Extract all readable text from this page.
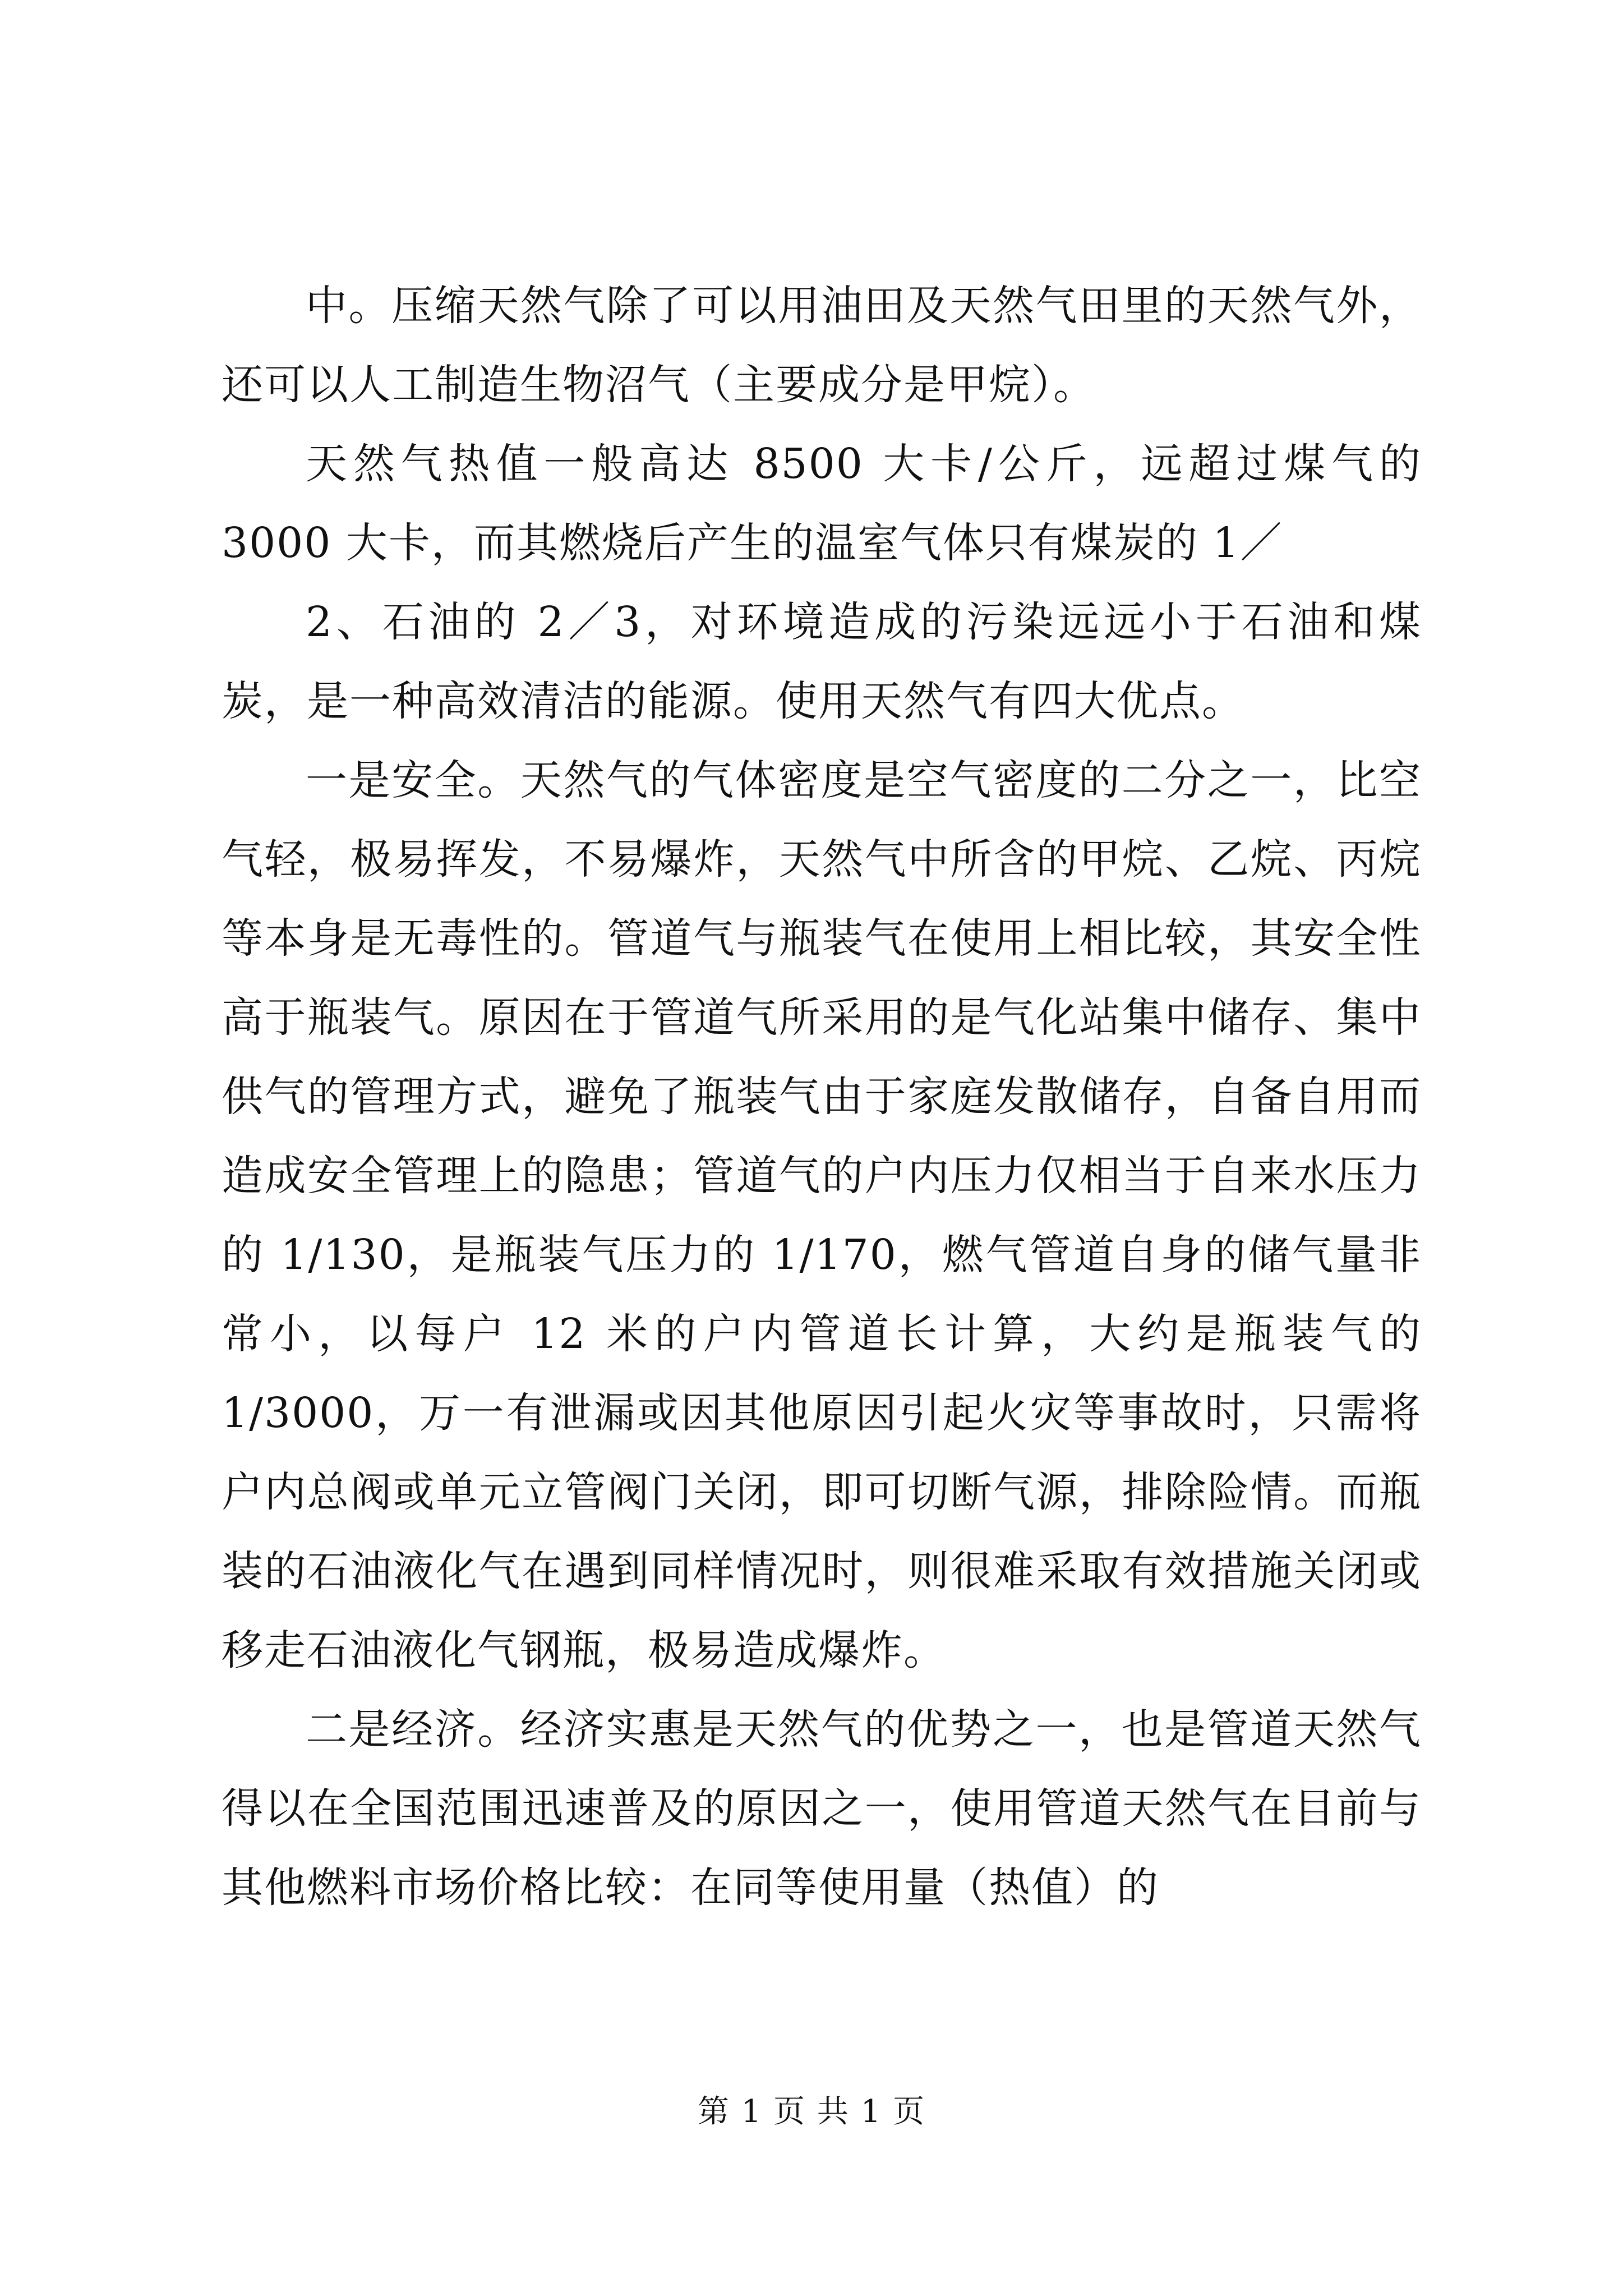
中。压缩天然气除了可以用油田及天然气田里的天然气外，还可以人工制造生物沼气（主要成分是甲烷）。

天然气热值一般高达 8500 大卡/公斤，远超过煤气的 3000 大卡，而其燃烧后产生的温室气体只有煤炭的 1／

2、石油的 2／3，对环境造成的污染远远小于石油和煤炭，是一种高效清洁的能源。使用天然气有四大优点。

一是安全。天然气的气体密度是空气密度的二分之一，比空气轻，极易挥发，不易爆炸，天然气中所含的甲烷、乙烷、丙烷等本身是无毒性的。管道气与瓶装气在使用上相比较，其安全性高于瓶装气。原因在于管道气所采用的是气化站集中储存、集中供气的管理方式，避免了瓶装气由于家庭发散储存，自备自用而造成安全管理上的隐患；管道气的户内压力仅相当于自来水压力的 1/130，是瓶装气压力的 1/170，燃气管道自身的储气量非常小，以每户 12 米的户内管道长计算，大约是瓶装气的 1/3000，万一有泄漏或因其他原因引起火灾等事故时，只需将户内总阀或单元立管阀门关闭，即可切断气源，排除险情。而瓶装的石油液化气在遇到同样情况时，则很难采取有效措施关闭或移走石油液化气钢瓶，极易造成爆炸。

二是经济。经济实惠是天然气的优势之一，也是管道天然气得以在全国范围迅速普及的原因之一，使用管道天然气在目前与其他燃料市场价格比较：在同等使用量（热值）的

第 1 页 共 1 页
